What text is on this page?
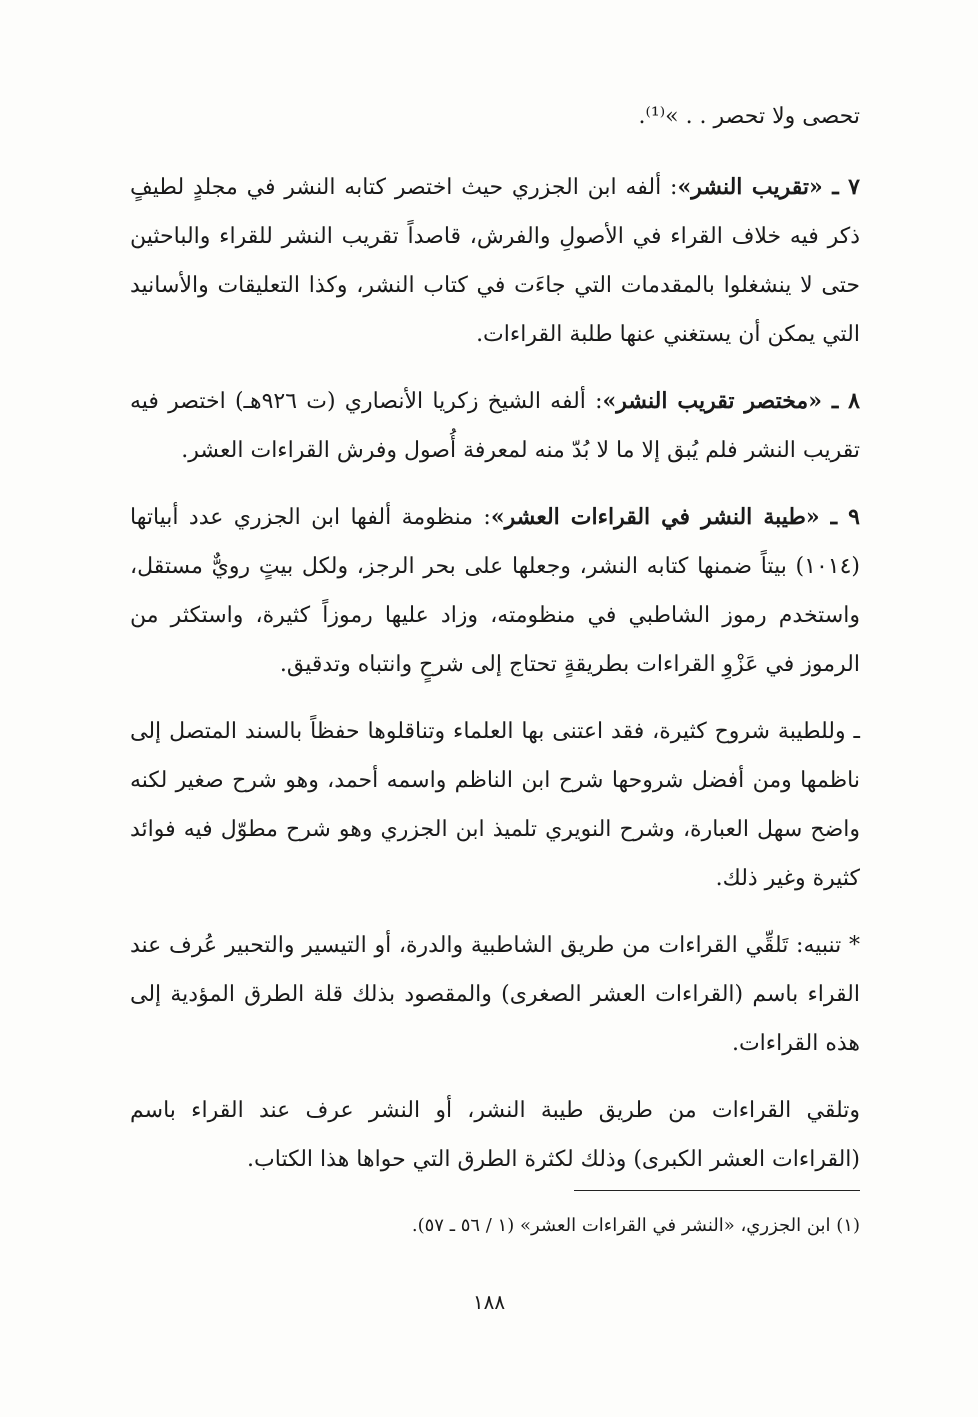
تحصى ولا تحصر . . »⁽¹⁾.

٧ ـ «تقريب النشر»: ألفه ابن الجزري حيث اختصر كتابه النشر في مجلدٍ لطيفٍ ذكر فيه خلاف القراء في الأصولِ والفرش، قاصداً تقريب النشر للقراء والباحثين حتى لا ينشغلوا بالمقدمات التي جاءَت في كتاب النشر، وكذا التعليقات والأسانيد التي يمكن أن يستغني عنها طلبة القراءات.

٨ ـ «مختصر تقريب النشر»: ألفه الشيخ زكريا الأنصاري (ت ٩٢٦هـ) اختصر فيه تقريب النشر فلم يُبق إلا ما لا بُدّ منه لمعرفة أُصول وفرش القراءات العشر.

٩ ـ «طيبة النشر في القراءات العشر»: منظومة ألفها ابن الجزري عدد أبياتها (١٠١٤) بيتاً ضمنها كتابه النشر، وجعلها على بحر الرجز، ولكل بيتٍ رويٌّ مستقل، واستخدم رموز الشاطبي في منظومته، وزاد عليها رموزاً كثيرة، واستكثر من الرموز في عَزْوِ القراءات بطريقةٍ تحتاج إلى شرحٍ وانتباه وتدقيق.

ـ وللطيبة شروح كثيرة، فقد اعتنى بها العلماء وتناقلوها حفظاً بالسند المتصل إلى ناظمها ومن أفضل شروحها شرح ابن الناظم واسمه أحمد، وهو شرح صغير لكنه واضح سهل العبارة، وشرح النويري تلميذ ابن الجزري وهو شرح مطوّل فيه فوائد كثيرة وغير ذلك.

* تنبيه: تَلقِّي القراءات من طريق الشاطبية والدرة، أو التيسير والتحبير عُرف عند القراء باسم (القراءات العشر الصغرى) والمقصود بذلك قلة الطرق المؤدية إلى هذه القراءات.

وتلقي القراءات من طريق طيبة النشر، أو النشر عرف عند القراء باسم (القراءات العشر الكبرى) وذلك لكثرة الطرق التي حواها هذا الكتاب.

(١) ابن الجزري، «النشر في القراءات العشر» (١ / ٥٦ ـ ٥٧).
١٨٨
